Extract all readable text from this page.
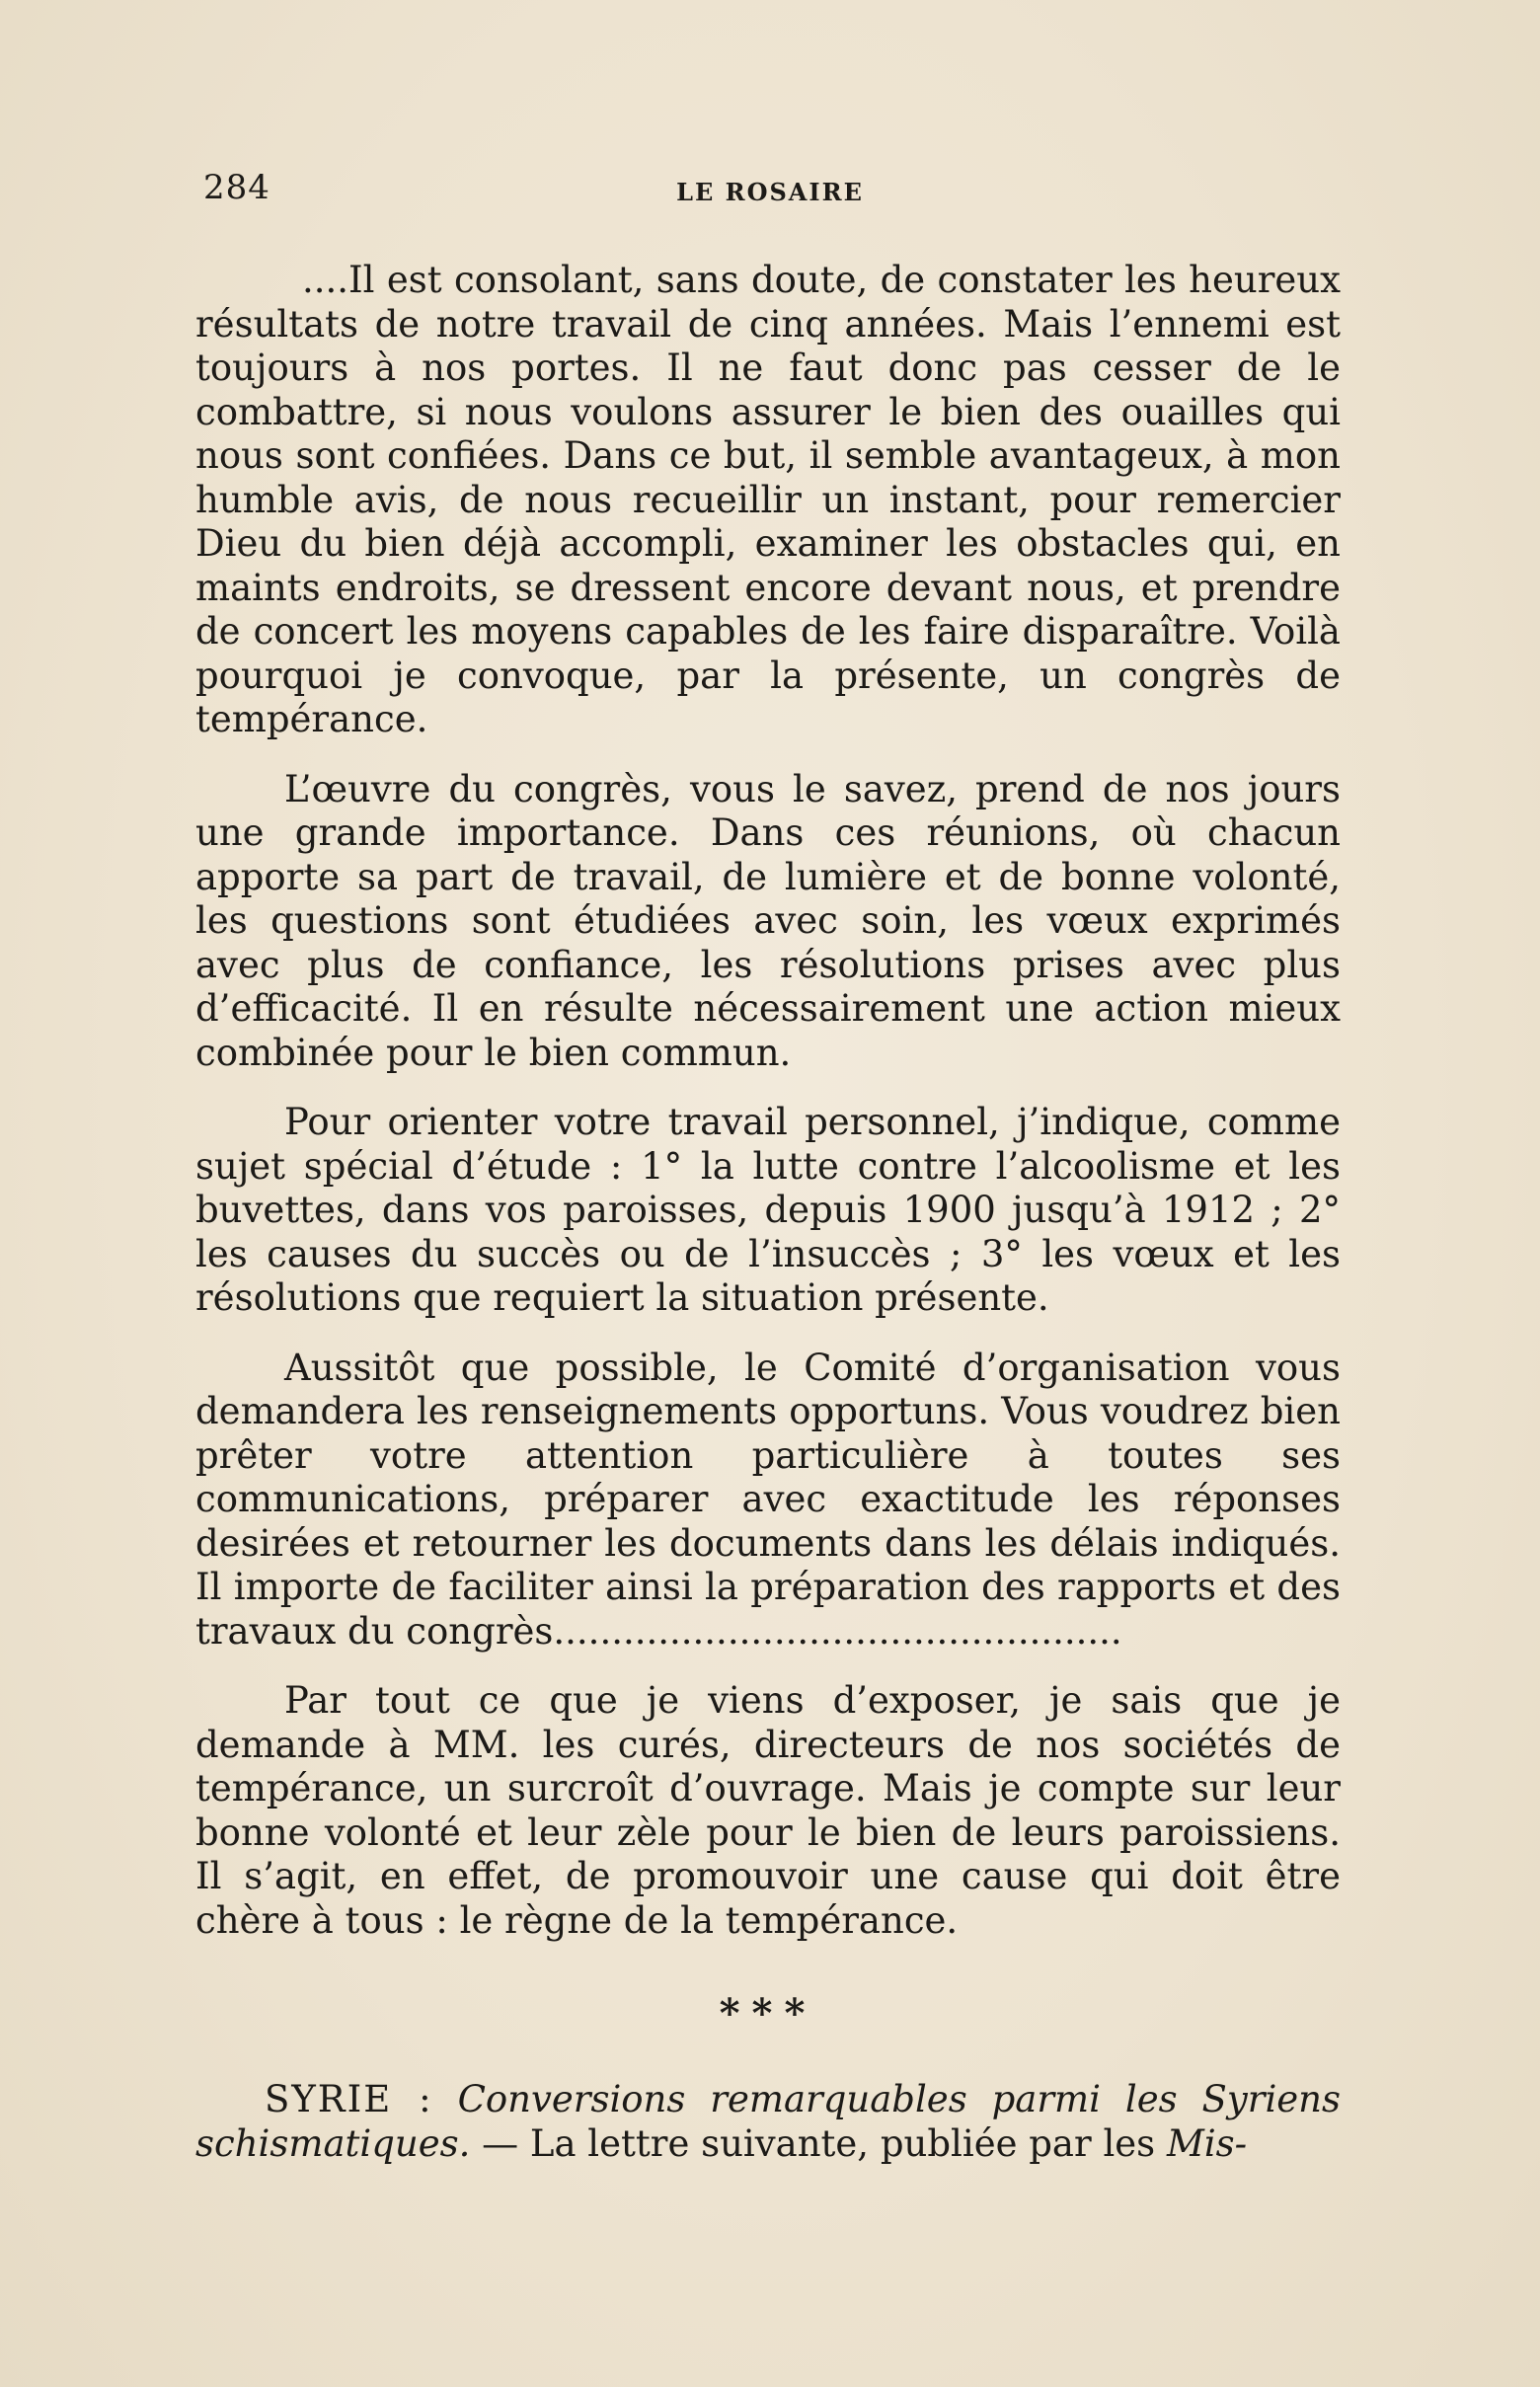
284	LE ROSAIRE

....Il est consolant, sans doute, de constater les heureux résultats de notre travail de cinq années. Mais l’ennemi est toujours à nos portes. Il ne faut donc pas cesser de le combattre, si nous voulons assurer le bien des ouailles qui nous sont confiées. Dans ce but, il semble avantageux, à mon humble avis, de nous recueillir un instant, pour remercier Dieu du bien déjà accompli, examiner les obstacles qui, en maints endroits, se dressent encore devant nous, et prendre de concert les moyens capables de les faire disparaître. Voilà pourquoi je convoque, par la présente, un congrès de tempérance.

L’œuvre du congrès, vous le savez, prend de nos jours une grande importance. Dans ces réunions, où chacun apporte sa part de travail, de lumière et de bonne volonté, les questions sont étudiées avec soin, les vœux exprimés avec plus de confiance, les résolutions prises avec plus d’efficacité. Il en résulte nécessairement une action mieux combinée pour le bien commun.

Pour orienter votre travail personnel, j’indique, comme sujet spécial d’étude : 1° la lutte contre l’alcoolisme et les buvettes, dans vos paroisses, depuis 1900 jusqu’à 1912 ; 2° les causes du succès ou de l’insuccès ; 3° les vœux et les résolutions que requiert la situation présente.

Aussitôt que possible, le Comité d’organisation vous demandera les renseignements opportuns. Vous voudrez bien prêter votre attention particulière à toutes ses communications, préparer avec exactitude les réponses desirées et retourner les documents dans les délais indiqués. Il importe de faciliter ainsi la préparation des rapports et des travaux du congrès.................................................

Par tout ce que je viens d’exposer, je sais que je demande à MM. les curés, directeurs de nos sociétés de tempérance, un surcroît d’ouvrage. Mais je compte sur leur bonne volonté et leur zèle pour le bien de leurs paroissiens. Il s’agit, en effet, de promouvoir une cause qui doit être chère à tous : le règne de la tempérance.

***

SYRIE : Conversions remarquables parmi les Syriens schismatiques. — La lettre suivante, publiée par les Mis-
